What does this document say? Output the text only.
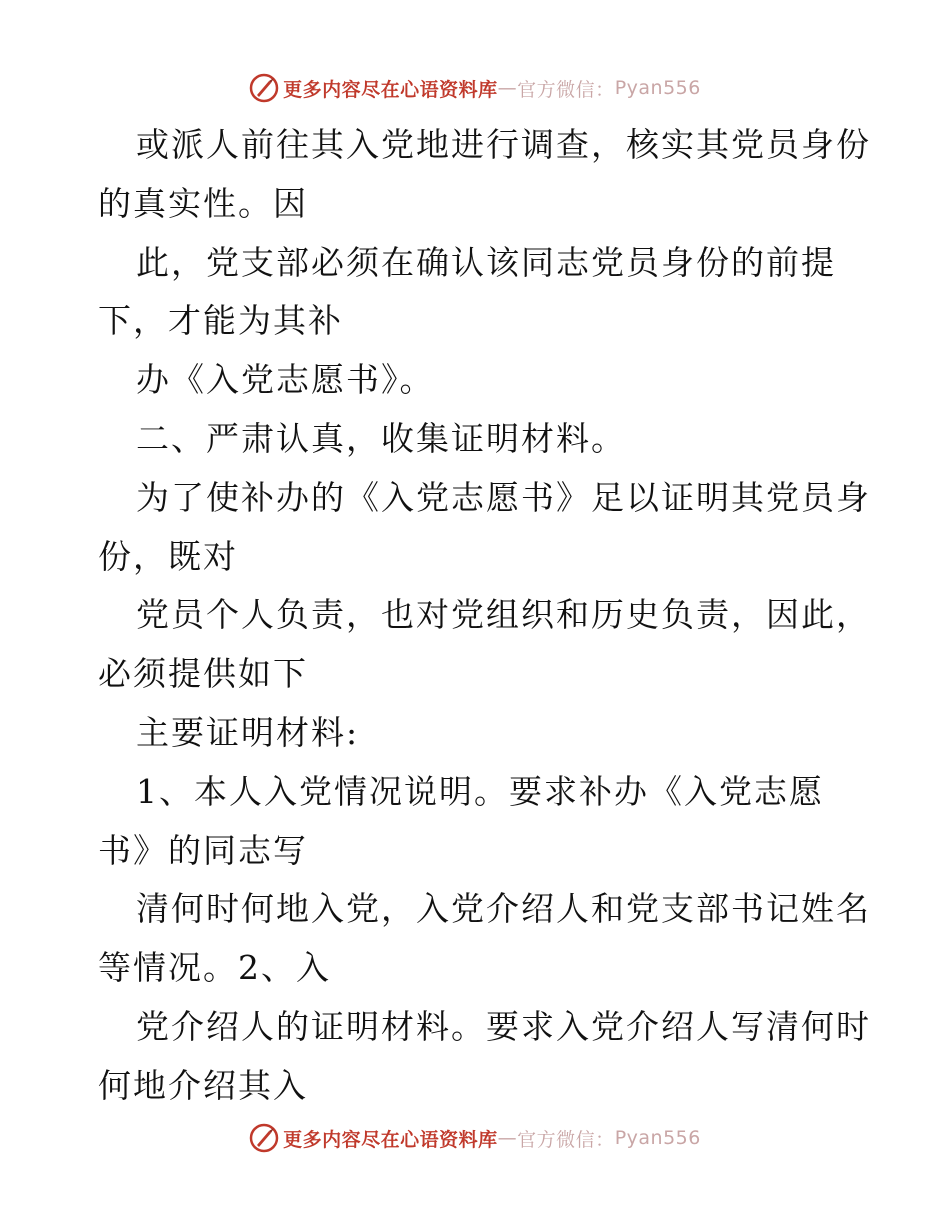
更多内容尽在心语资料库 — 官方微信： Pyan556
或派人前往其入党地进行调查，核实其党员身份
的真实性。因
此，党支部必须在确认该同志党员身份的前提
下，才能为其补
办《入党志愿书》。
二、严肃认真，收集证明材料。
为了使补办的《入党志愿书》足以证明其党员身
份，既对
党员个人负责，也对党组织和历史负责，因此，
必须提供如下
主要证明材料:
1、本人入党情况说明。要求补办《入党志愿
书》的同志写
清何时何地入党，入党介绍人和党支部书记姓名
等情况。2、入
党介绍人的证明材料。要求入党介绍人写清何时
何地介绍其入
更多内容尽在心语资料库 — 官方微信： Pyan556
